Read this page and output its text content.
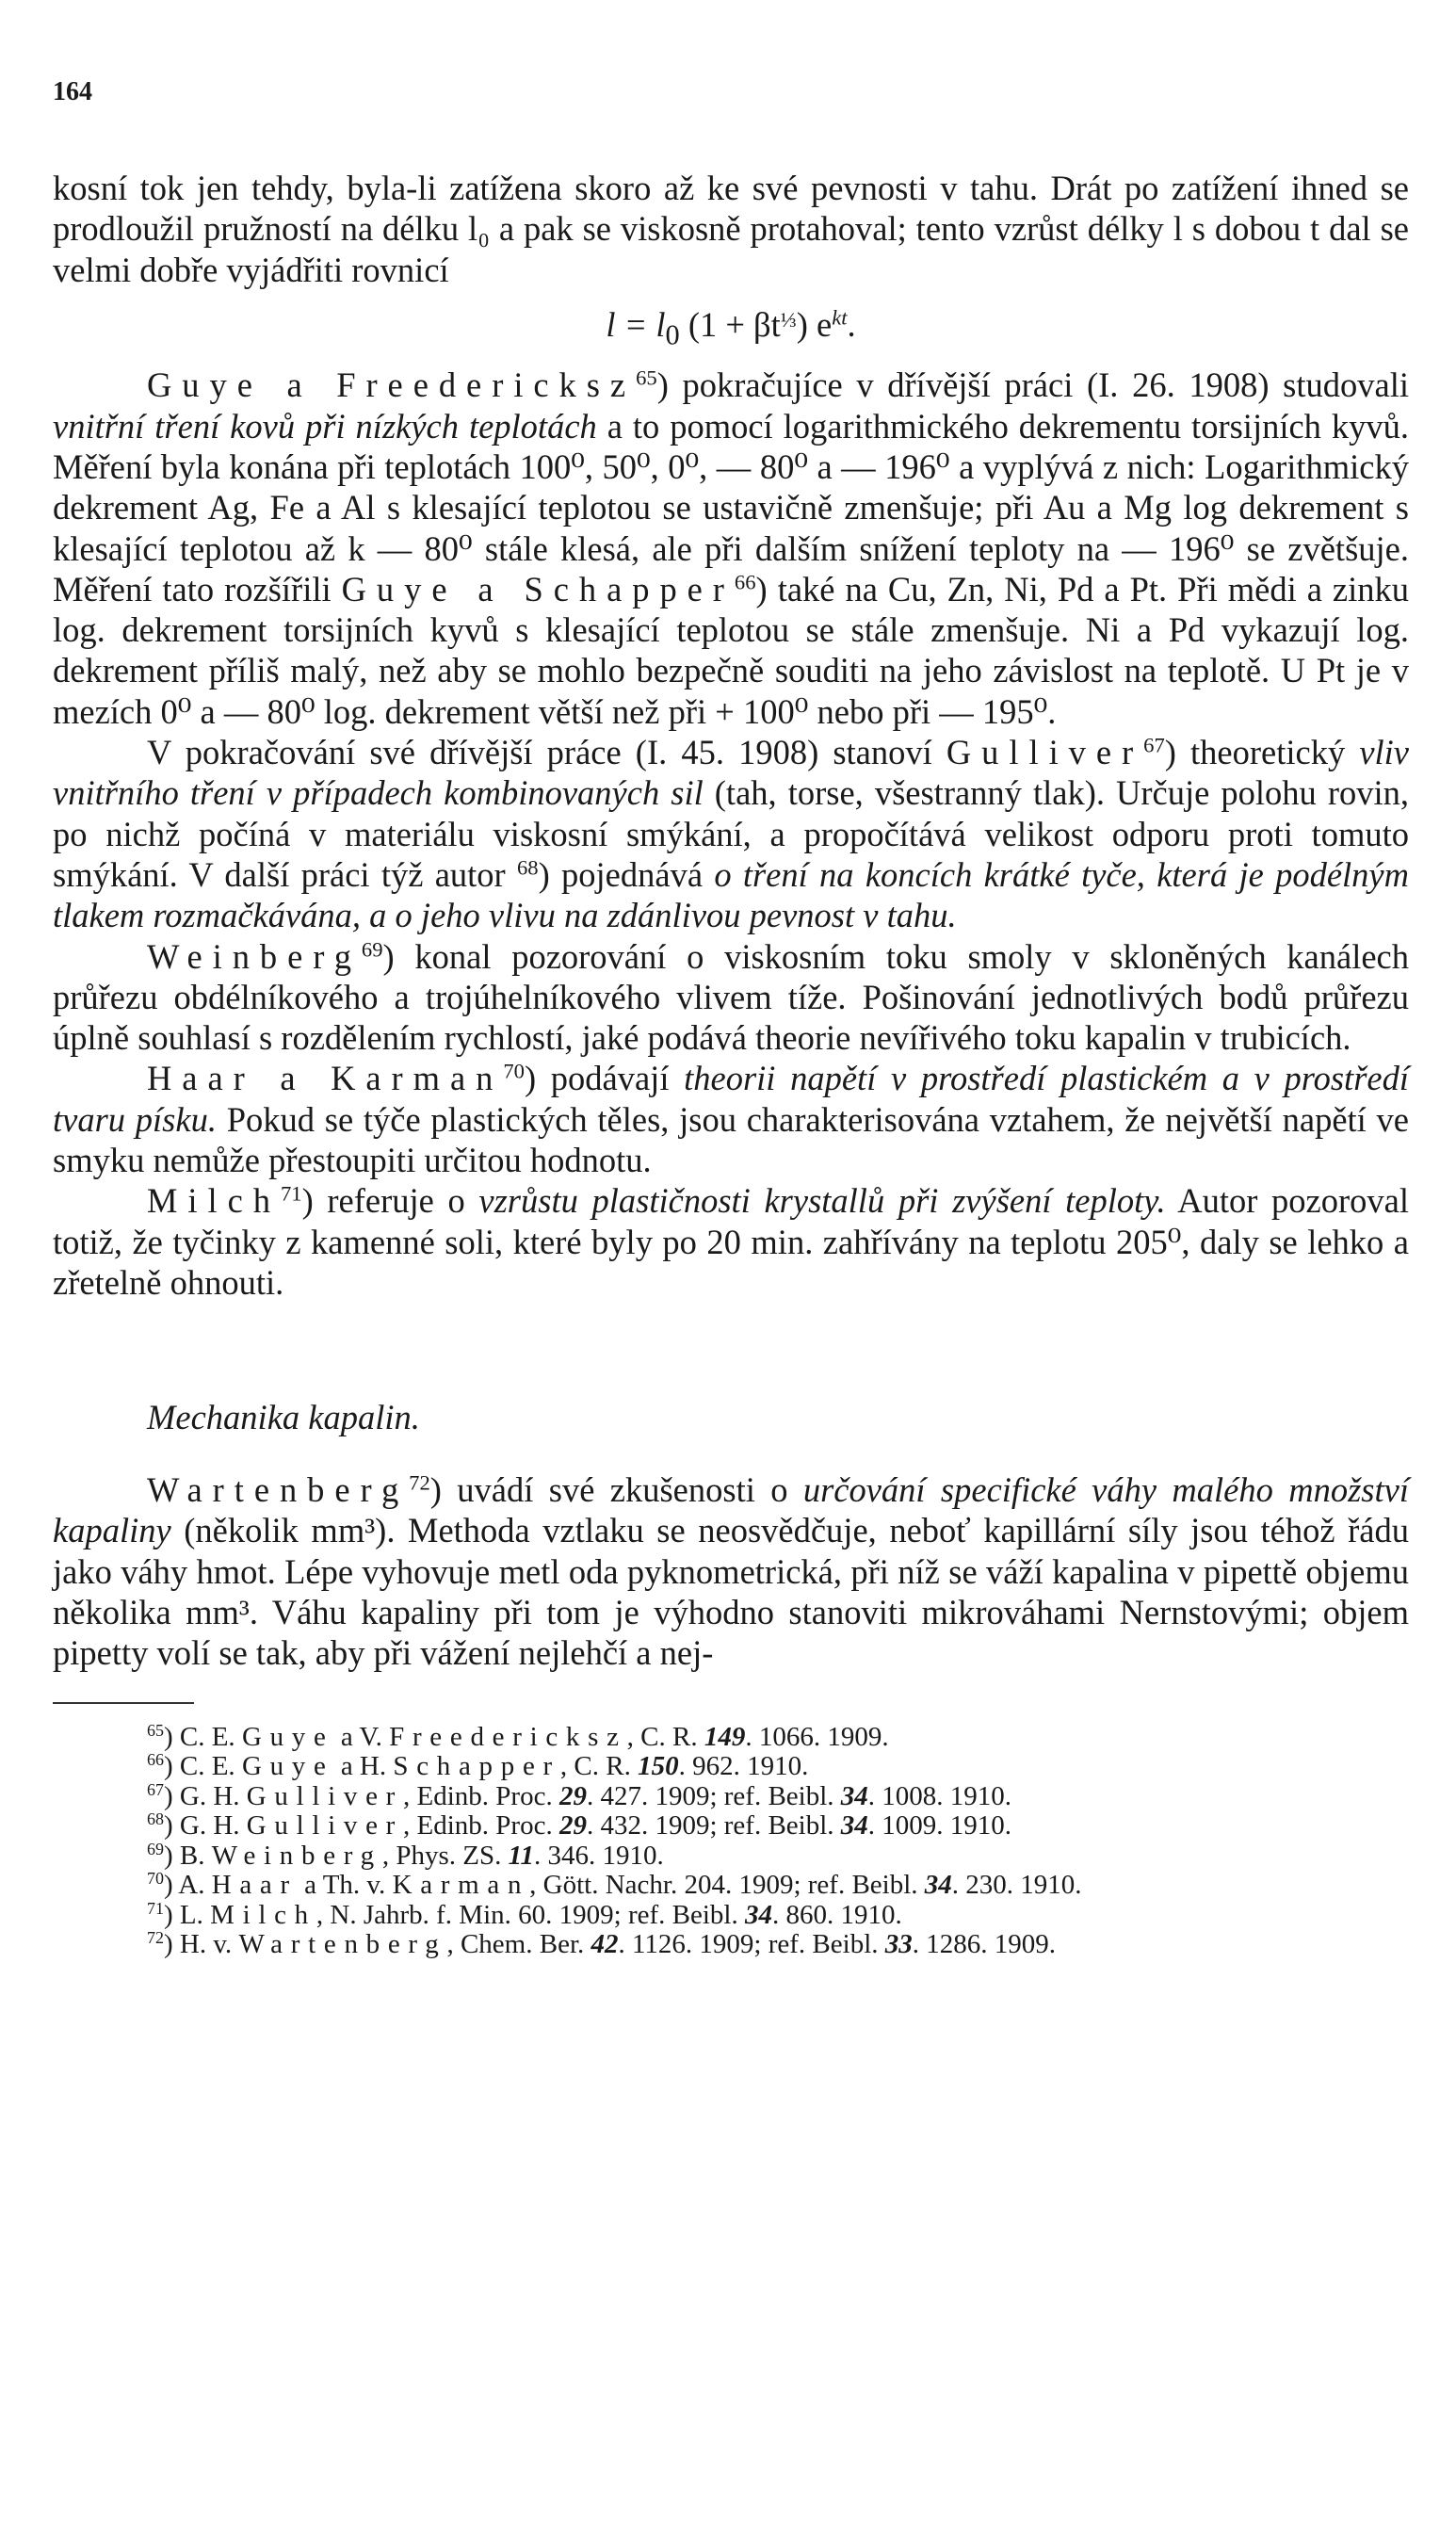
164

kosní tok jen tehdy, byla-li zatížena skoro až ke své pevnosti v tahu. Drát po zatížení ihned se prodloužil pružností na délku l₀ a pak se viskosně protahoval; tento vzrůst délky l s dobou t dal se velmi dobře vyjádřiti rovnicí

$l = l_0$ $(1 + \beta t^{\frac{1}{3}})$ $e^{kt}$.

Guye a Freedericksz$^{65}$) pokračujíce v dřívější práci (I. 26. 1908) studovali vnitřní tření kovů při nízkých teplotách a to pomocí logarithmického dekrementu torsijních kyvů. Měření byla konána při teplotách 100⁰, 50⁰, 0⁰, — 80⁰ a — 196⁰ a vyplývá z nich: Logarithmický dekrement Ag, Fe a Al s klesající teplotou se ustavičně zmenšuje; při Au a Mg log dekrement s klesající teplotou až k — 80⁰ stále klesá, ale při dalším snížení teploty na — 196⁰ se zvětšuje. Měření tato rozšířili Guye a Schapper$^{66}$) také na Cu, Zn, Ni, Pd a Pt. Při mědi a zinku log. dekrement torsijních kyvů s klesající teplotou se stále zmenšuje. Ni a Pd vykazují log. dekrement příliš malý, než aby se mohlo bezpečně souditi na jeho závislost na teplotě. U Pt je v mezích 0⁰ a — 80⁰ log. dekrement větší než při + 100⁰ nebo při — 195⁰.

V pokračování své dřívější práce (I. 45. 1908) stanoví Gulliver$^{67}$) theoretický vliv vnitřního tření v případech kombinovaných sil (tah, torse, všestranný tlak). Určuje polohu rovin, po nichž počíná v materiálu viskosní smýkání, a propočítává velikost odporu proti tomuto smýkání. V další práci týž autor $^{68}$) pojednává o tření na koncích krátké tyče, která je podélným tlakem rozmačkávána, a o jeho vlivu na zdánlivou pevnost v tahu.

Weinberg$^{69}$) konal pozorování o viskosním toku smoly v skloněných kanálech průřezu obdélníkového a trojúhelníkového vlivem tíže. Pošinování jednotlivých bodů průřezu úplně souhlasí s rozdělením rychlostí, jaké podává theorie nevířivého toku kapalin v trubicích.

Haar a Karman$^{70}$) podávají theorii napětí v prostředí plastickém a v prostředí tvaru písku. Pokud se týče plastických těles, jsou charakterisována vztahem, že největší napětí ve smyku nemůže přestoupiti určitou hodnotu.

Milch$^{71}$) referuje o vzrůstu plastičnosti krystallů při zvýšení teploty. Autor pozoroval totiž, že tyčinky z kamenné soli, které byly po 20 min. zahřívány na teplotu 205⁰, daly se lehko a zřetelně ohnouti.

Mechanika kapalin.

Wartenberg$^{72}$) uvádí své zkušenosti o určování specifické váhy malého množství kapaliny (několik mm³). Methoda vztlaku se neosvědčuje, neboť kapillární síly jsou téhož řádu jako váhy hmot. Lépe vyhovuje metl oda pyknometrická, při níž se váží kapalina v pipettě objemu několika mm³. Váhu kapaliny při tom je výhodno stanoviti mikrováhami Nernstovými; objem pipetty volí se tak, aby při vážení nejlehčí a nej-

$^{65}$) C. E. Guye a V. Freedericksz, C. R. 149. 1066. 1909.

$^{66}$) C. E. Guye a H. Schapper, C. R. 150. 962. 1910.

$^{67}$) G. H. Gulliver, Edinb. Proc. 29. 427. 1909; ref. Beibl. 34. 1008. 1910.

$^{68}$) G. H. Gulliver, Edinb. Proc. 29. 432. 1909; ref. Beibl. 34. 1009. 1910.

$^{69}$) B. Weinberg, Phys. ZS. 11. 346. 1910.

$^{70}$) A. Haar a Th. v. Karman, Gött. Nachr. 204. 1909; ref. Beibl. 34. 230. 1910.

$^{71}$) L. Milch, N. Jahrb. f. Min. 60. 1909; ref. Beibl. 34. 860. 1910.

$^{72}$) H. v. Wartenberg, Chem. Ber. 42. 1126. 1909; ref. Beibl. 33. 1286. 1909.
